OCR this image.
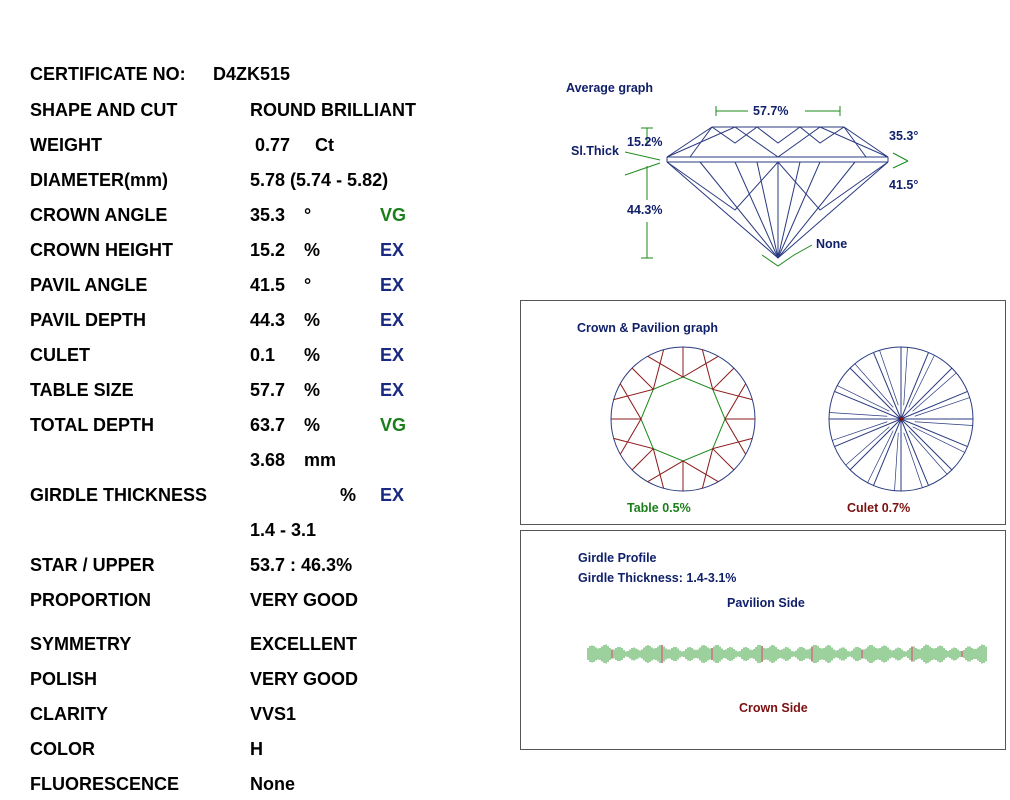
CERTIFICATE NO: D4ZK515
SHAPE AND CUT	ROUND BRILLIANT
WEIGHT	0.77 Ct
DIAMETER(mm)	5.78 (5.74 - 5.82)
CROWN ANGLE	35.3 °	VG
CROWN HEIGHT	15.2 %	EX
PAVIL ANGLE	41.5 °	EX
PAVIL DEPTH	44.3 %	EX
CULET	0.1 %	EX
TABLE SIZE	57.7 %	EX
TOTAL DEPTH	63.7 %	VG
3.68 mm
GIRDLE THICKNESS	% EX
1.4 - 3.1
STAR / UPPER	53.7 : 46.3%
PROPORTION	VERY GOOD
SYMMETRY	EXCELLENT
POLISH	VERY GOOD
CLARITY	VVS1
COLOR	H
FLUORESCENCE	None
Average graph
57.7%
15.2%
Sl.Thick
35.3°
41.5°
44.3%
None
Crown & Pavilion graph
Table 0.5%	Culet 0.7%
Girdle Profile
Girdle Thickness: 1.4-3.1%
Pavilion Side
Crown Side
